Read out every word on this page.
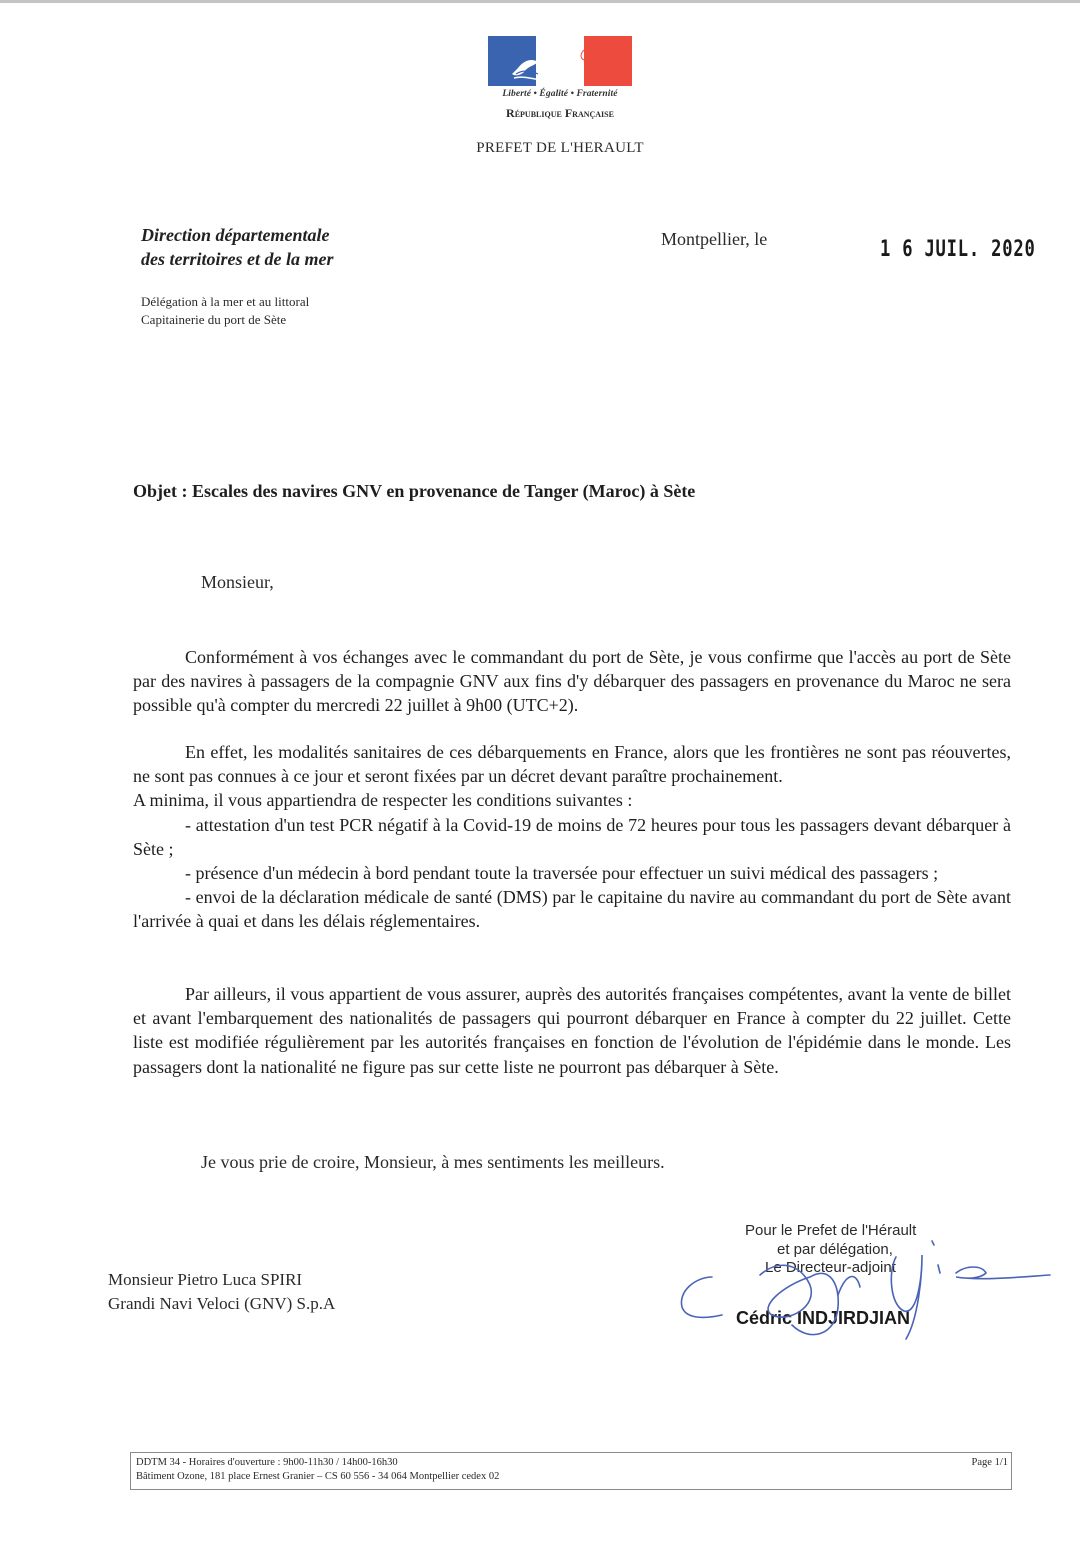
Liberté • Égalité • Fraternité
République Française
PREFET DE L'HERAULT
Direction départementale
des territoires et de la mer
Délégation à la mer et au littoral
Capitainerie du port de Sète
Montpellier, le	1 6 JUIL. 2020
Objet : Escales des navires GNV en provenance de Tanger (Maroc) à Sète
Monsieur,

Conformément à vos échanges avec le commandant du port de Sète, je vous confirme que l'accès au port de Sète par des navires à passagers de la compagnie GNV aux fins d'y débarquer des passagers en provenance du Maroc ne sera possible qu'à compter du mercredi 22 juillet à 9h00 (UTC+2).

En effet, les modalités sanitaires de ces débarquements en France, alors que les frontières ne sont pas réouvertes, ne sont pas connues à ce jour et seront fixées par un décret devant paraître prochainement.

A minima, il vous appartiendra de respecter les conditions suivantes :

- attestation d'un test PCR négatif à la Covid-19 de moins de 72 heures pour tous les passagers devant débarquer à Sète ;

- présence d'un médecin à bord pendant toute la traversée pour effectuer un suivi médical des passagers ;

- envoi de la déclaration médicale de santé (DMS) par le capitaine du navire au commandant du port de Sète avant l'arrivée à quai et dans les délais réglementaires.

Par ailleurs, il vous appartient de vous assurer, auprès des autorités françaises compétentes, avant la vente de billet et avant l'embarquement des nationalités de passagers qui pourront débarquer en France à compter du 22 juillet. Cette liste est modifiée régulièrement par les autorités françaises en fonction de l'évolution de l'épidémie dans le monde. Les passagers dont la nationalité ne figure pas sur cette liste ne pourront pas débarquer à Sète.

Je vous prie de croire, Monsieur, à mes sentiments les meilleurs.
Monsieur Pietro Luca SPIRI
Grandi Navi Veloci (GNV) S.p.A
Pour le Prefet de l'Hérault
et par délégation,
Le Directeur-adjoint
Cédric INDJIRDJIAN
DDTM 34 - Horaires d'ouverture : 9h00-11h30 / 14h00-16h30
Bâtiment Ozone, 181 place Ernest Granier – CS 60 556 - 34 064 Montpellier cedex 02
Page 1/1
